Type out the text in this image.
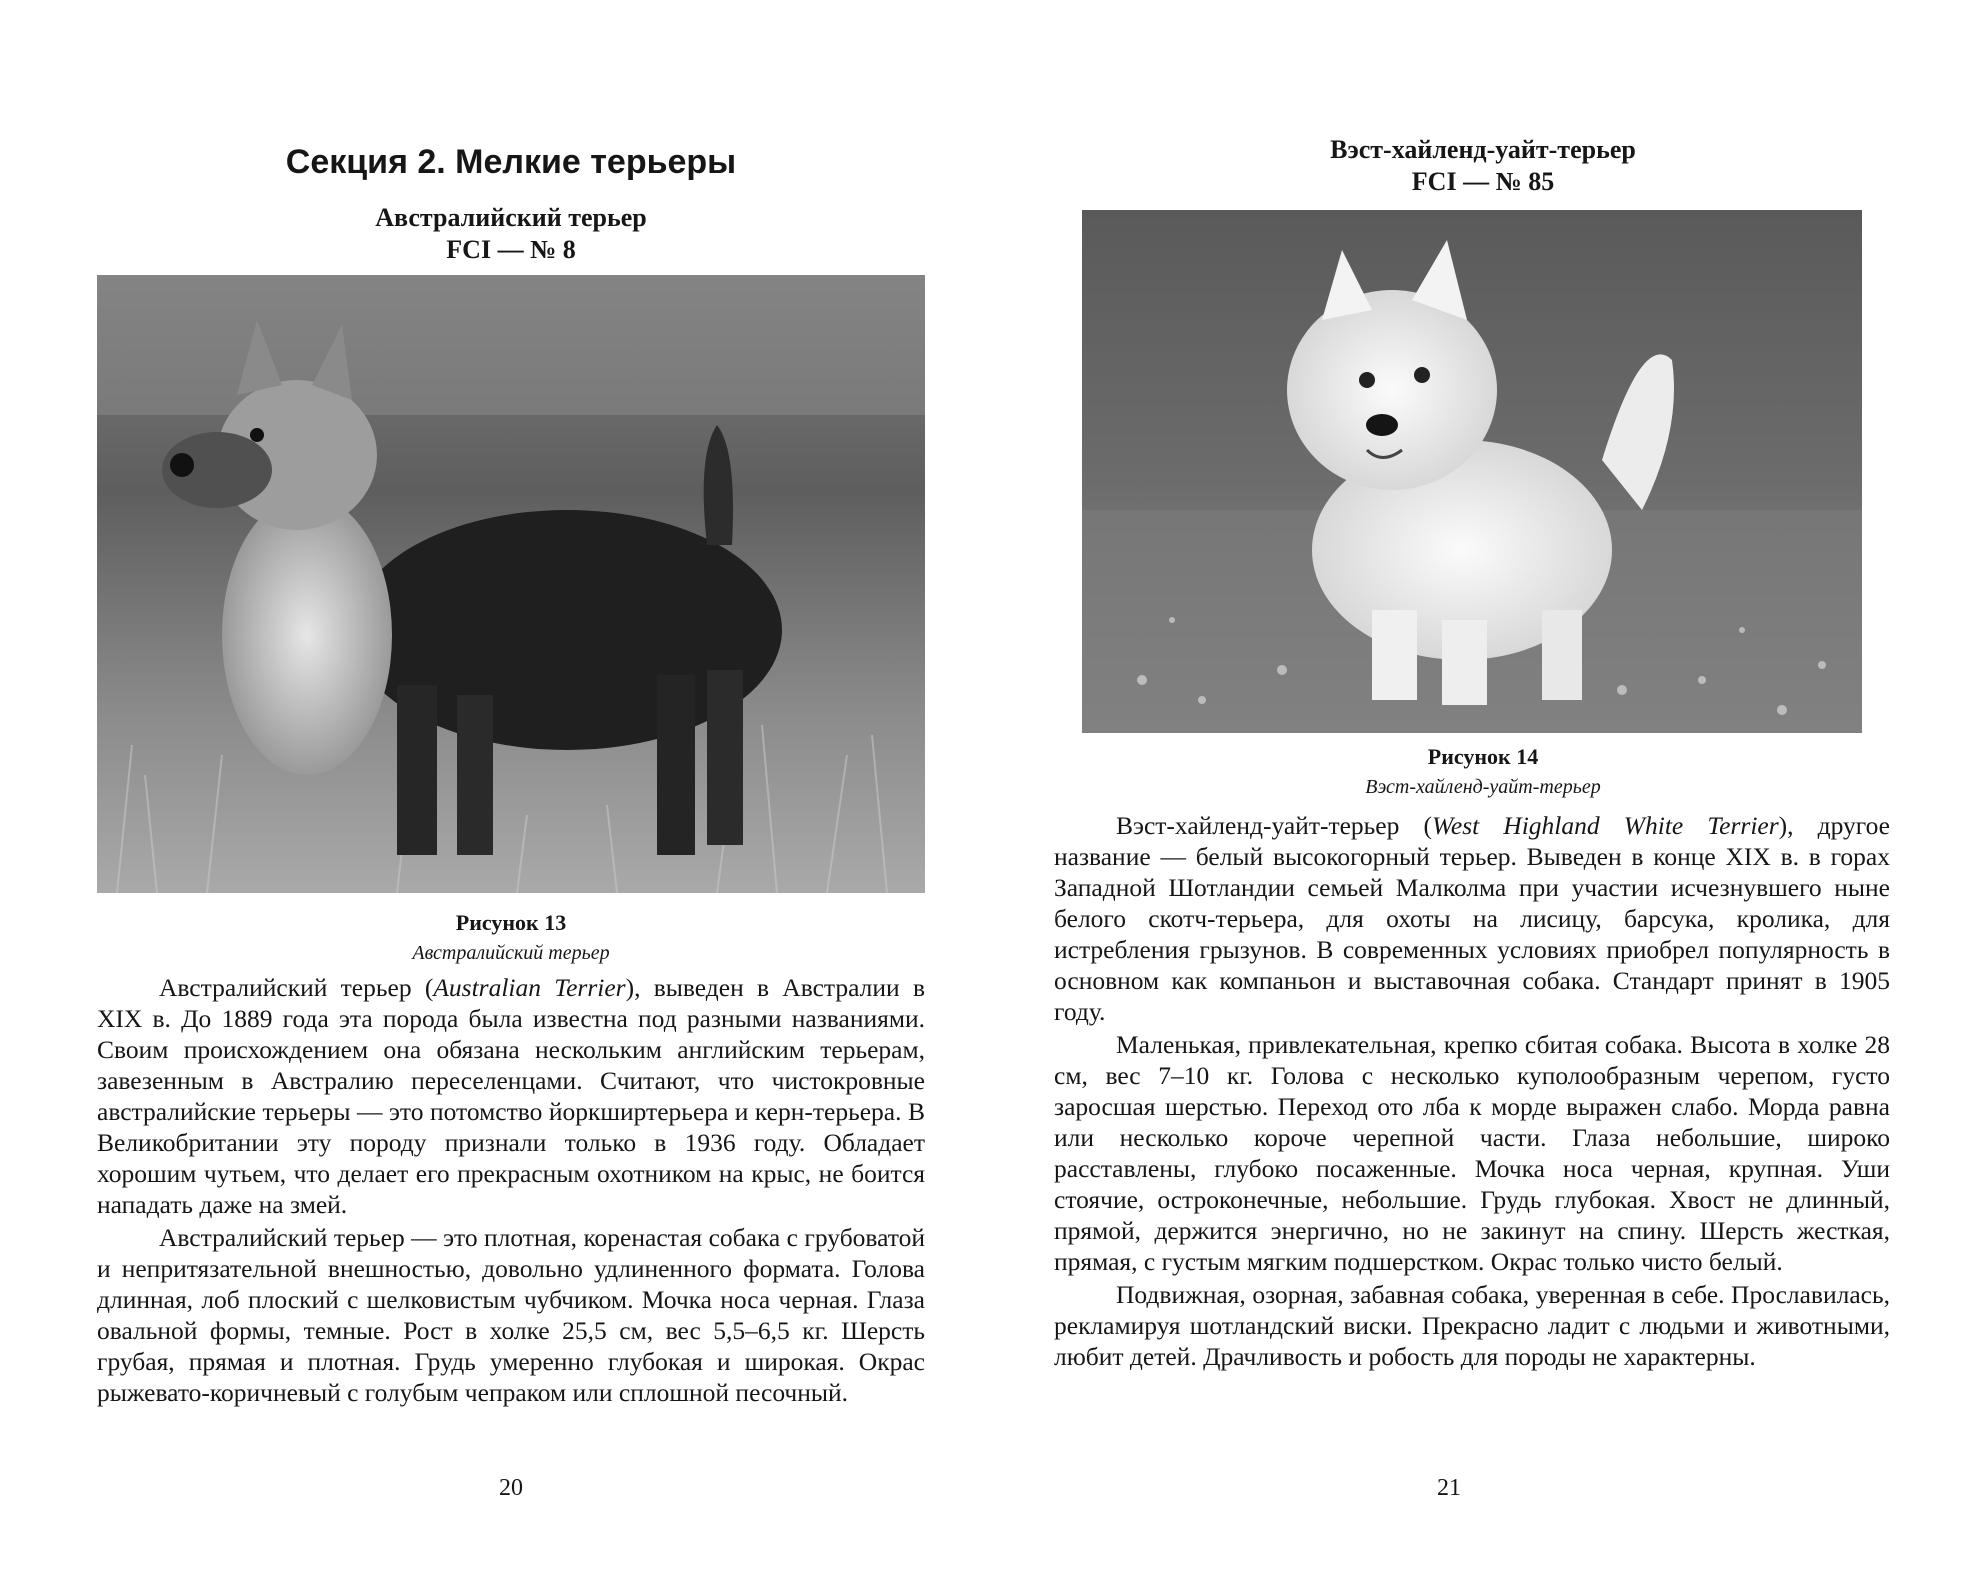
Секция 2. Мелкие терьеры
Австралийский терьер
FCI — № 8
Рисунок 13
Австралийский терьер

Австралийский терьер (Australian Terrier), выведен в Австралии в XIX в. До 1889 года эта порода была известна под разными названиями. Своим происхождением она обязана нескольким английским терьерам, завезенным в Австралию переселенцами. Считают, что чистокровные австралийские терьеры — это потомство йоркширтерьера и керн-терьера. В Великобритании эту породу признали только в 1936 году. Обладает хорошим чутьем, что делает его прекрасным охотником на крыс, не боится нападать даже на змей.

Австралийский терьер — это плотная, коренастая собака с грубоватой и непритязательной внешностью, довольно удлиненного формата. Голова длинная, лоб плоский с шелковистым чубчиком. Мочка носа черная. Глаза овальной формы, темные. Рост в холке 25,5 см, вес 5,5–6,5 кг. Шерсть грубая, прямая и плотная. Грудь умеренно глубокая и широкая. Окрас рыжевато-коричневый с голубым чепраком или сплошной песочный.

20
Вэст-хайленд-уайт-терьер
FCI — № 85
Рисунок 14
Вэст-хайленд-уайт-терьер

Вэст-хайленд-уайт-терьер (West Highland White Terrier), другое название — белый высокогорный терьер. Выведен в конце XIX в. в горах Западной Шотландии семьей Малколма при участии исчезнувшего ныне белого скотч-терьера, для охоты на лисицу, барсука, кролика, для истребления грызунов. В современных условиях приобрел популярность в основном как компаньон и выставочная собака. Стандарт принят в 1905 году.

Маленькая, привлекательная, крепко сбитая собака. Высота в холке 28 см, вес 7–10 кг. Голова с несколько куполообразным черепом, густо заросшая шерстью. Переход ото лба к морде выражен слабо. Морда равна или несколько короче черепной части. Глаза небольшие, широко расставлены, глубоко посаженные. Мочка носа черная, крупная. Уши стоячие, остроконечные, небольшие. Грудь глубокая. Хвост не длинный, прямой, держится энергично, но не закинут на спину. Шерсть жесткая, прямая, с густым мягким подшерстком. Окрас только чисто белый.

Подвижная, озорная, забавная собака, уверенная в себе. Прославилась, рекламируя шотландский виски. Прекрасно ладит с людьми и животными, любит детей. Драчливость и робость для породы не характерны.

21
